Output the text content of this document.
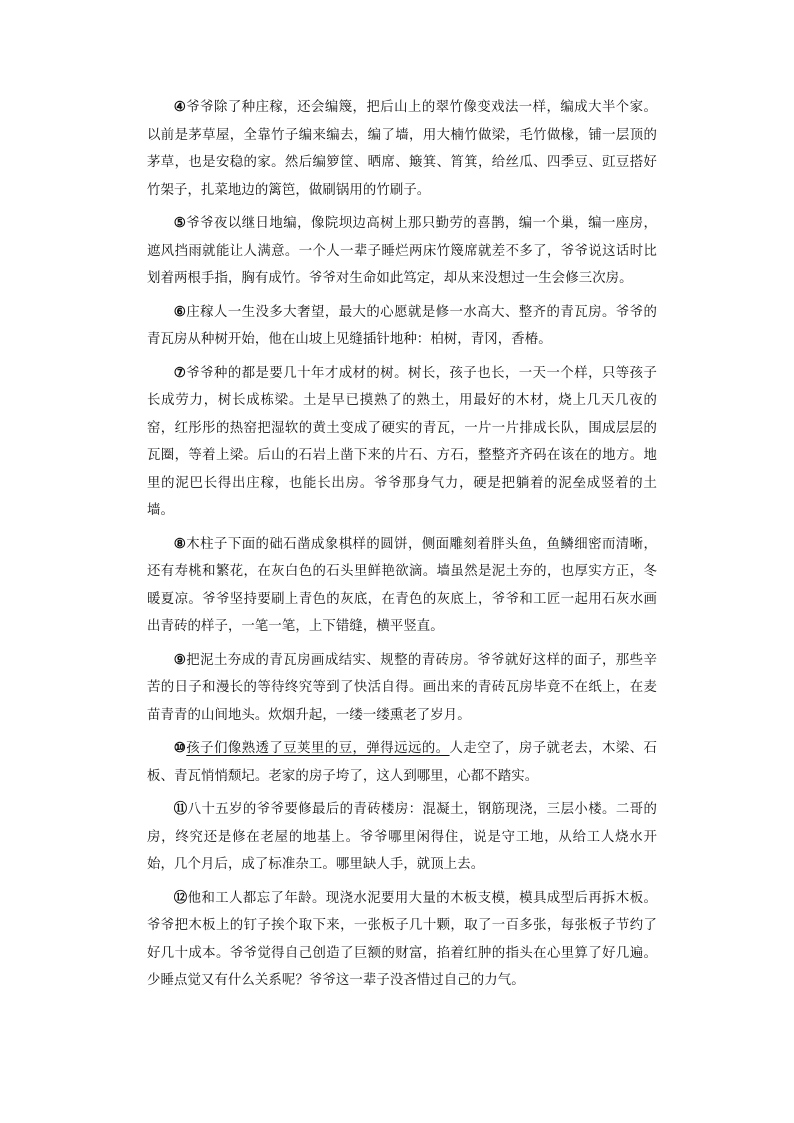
④爷爷除了种庄稼，还会编篾，把后山上的翠竹像变戏法一样，编成大半个家。以前是茅草屋，全靠竹子编来编去，编了墙，用大楠竹做梁，毛竹做椽，铺一层顶的茅草，也是安稳的家。然后编箩筐、晒席、簸箕、筲箕，给丝瓜、四季豆、豇豆搭好竹架子，扎菜地边的篱笆，做刷锅用的竹刷子。

⑤爷爷夜以继日地编，像院坝边高树上那只勤劳的喜鹊，编一个巢，编一座房，遮风挡雨就能让人满意。一个人一辈子睡烂两床竹篾席就差不多了，爷爷说这话时比划着两根手指，胸有成竹。爷爷对生命如此笃定，却从来没想过一生会修三次房。

⑥庄稼人一生没多大奢望，最大的心愿就是修一水高大、整齐的青瓦房。爷爷的青瓦房从种树开始，他在山坡上见缝插针地种：柏树，青冈，香椿。

⑦爷爷种的都是要几十年才成材的树。树长，孩子也长，一天一个样，只等孩子长成劳力，树长成栋梁。土是早已摸熟了的熟土，用最好的木材，烧上几天几夜的窑，红彤彤的热窑把湿软的黄土变成了硬实的青瓦，一片一片排成长队，围成层层的瓦圈，等着上梁。后山的石岩上凿下来的片石、方石，整整齐齐码在该在的地方。地里的泥巴长得出庄稼，也能长出房。爷爷那身气力，硬是把躺着的泥垒成竖着的土墙。

⑧木柱子下面的础石凿成象棋样的圆饼，侧面雕刻着胖头鱼，鱼鳞细密而清晰，还有寿桃和繁花，在灰白色的石头里鲜艳欲滴。墙虽然是泥土夯的，也厚实方正，冬暖夏凉。爷爷坚持要刷上青色的灰底，在青色的灰底上，爷爷和工匠一起用石灰水画出青砖的样子，一笔一笔，上下错缝，横平竖直。

⑨把泥土夯成的青瓦房画成结实、规整的青砖房。爷爷就好这样的面子，那些辛苦的日子和漫长的等待终究等到了快活自得。画出来的青砖瓦房毕竟不在纸上，在麦苗青青的山间地头。炊烟升起，一缕一缕熏老了岁月。

⑩孩子们像熟透了豆荚里的豆，弹得远远的。人走空了，房子就老去，木梁、石板、青瓦悄悄颓圮。老家的房子垮了，这人到哪里，心都不踏实。

⑪八十五岁的爷爷要修最后的青砖楼房：混凝土，钢筋现浇，三层小楼。二哥的房，终究还是修在老屋的地基上。爷爷哪里闲得住，说是守工地，从给工人烧水开始，几个月后，成了标准杂工。哪里缺人手，就顶上去。

⑫他和工人都忘了年龄。现浇水泥要用大量的木板支模，模具成型后再拆木板。爷爷把木板上的钉子挨个取下来，一张板子几十颗，取了一百多张，每张板子节约了好几十成本。爷爷觉得自己创造了巨额的财富，掐着红肿的指头在心里算了好几遍。少睡点觉又有什么关系呢？爷爷这一辈子没吝惜过自己的力气。
